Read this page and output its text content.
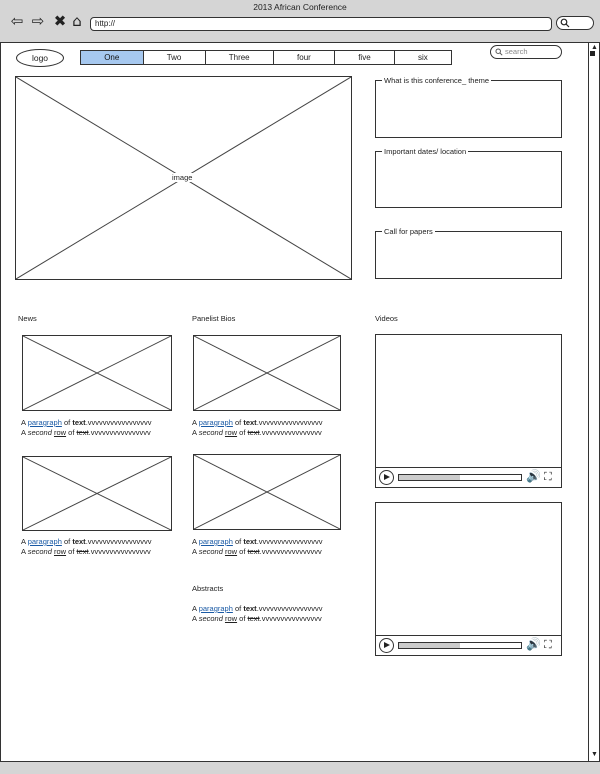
2013 African Conference
⇦ ⇨ ✖ ⌂	http://
▲
▼
logo	One	Two	Three	four	five	six
search
image
What is this conference_ theme
Important dates/ location
Call for papers
News	Panelist Bios	Videos
Abstracts
A paragraph of text.vvvvvvvvvvvvvvvvv
A second row of text.vvvvvvvvvvvvvvvv
A paragraph of text.vvvvvvvvvvvvvvvvv
A second row of text.vvvvvvvvvvvvvvvv
A paragraph of text.vvvvvvvvvvvvvvvvv
A second row of text.vvvvvvvvvvvvvvvv
A paragraph of text.vvvvvvvvvvvvvvvvv
A second row of text.vvvvvvvvvvvvvvvv
A paragraph of text.vvvvvvvvvvvvvvvvv
A second row of text.vvvvvvvvvvvvvvvv
🔊 ⛶
🔊 ⛶
